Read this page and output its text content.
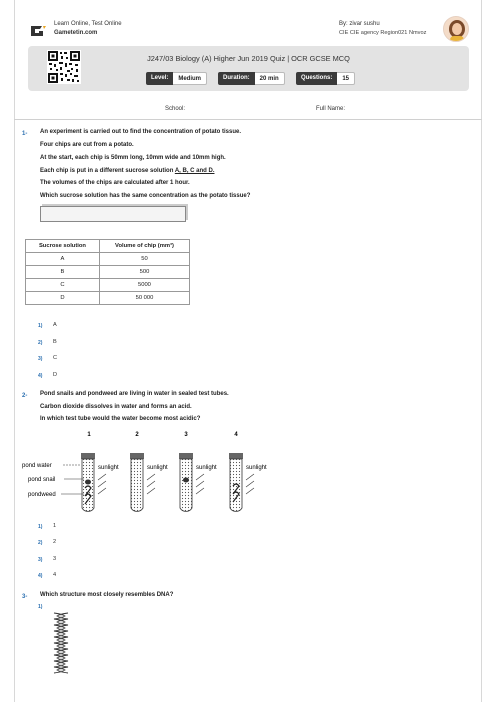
Learn Online, Test Online
Gametetin.com
By: zivar sushu
CIE CIE agency Region021 Nmvoz
J247/03 Biology (A) Higher Jun 2019 Quiz | OCR GCSE MCQ
Level:	Medium	Duration:	20 min	Questions:	15
School:	Full Name:
1- An experiment is carried out to find the concentration of potato tissue.
Four chips are cut from a potato.
At the start, each chip is 50mm long, 10mm wide and 10mm high.
Each chip is put in a different sucrose solution A, B, C and D.
The volumes of the chips are calculated after 1 hour.
Which sucrose solution has the same concentration as the potato tissue?
Sucrose solution	Volume of chip (mm³)
A	50
B	500
C	5000
D	50 000
1) A
2) B
3) C
4) D
2- Pond snails and pondweed are living in water in sealed test tubes.
Carbon dioxide dissolves in water and forms an acid.
In which test tube would the water become most acidic?
1	2	3	4
sunlight	sunlight	sunlight	sunlight
pond water
pond snail
pondweed
1) 1
2) 2
3) 3
4) 4
3- Which structure most closely resembles DNA?
1)
